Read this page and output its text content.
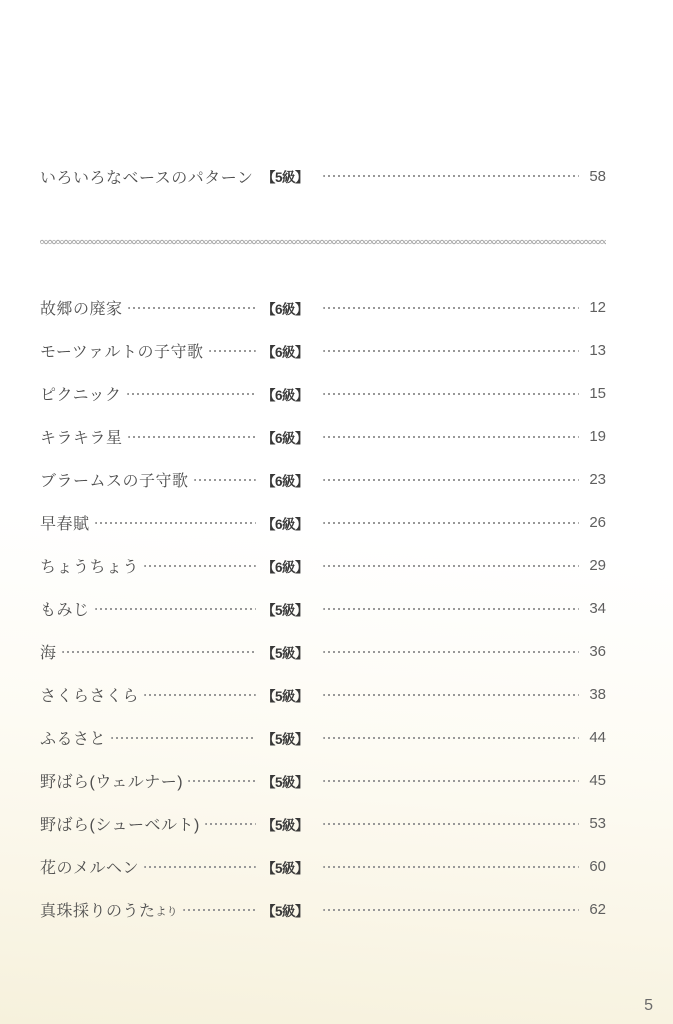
いろいろなベースのパターン 【5級】	58
故郷の廃家	【6級】	12
モーツァルトの子守歌	【6級】	13
ピクニック	【6級】	15
キラキラ星	【6級】	19
ブラームスの子守歌	【6級】	23
早春賦	【6級】	26
ちょうちょう	【6級】	29
もみじ	【5級】	34
海	【5級】	36
さくらさくら	【5級】	38
ふるさと	【5級】	44
野ばら(ウェルナー)	【5級】	45
野ばら(シューベルト)	【5級】	53
花のメルヘン	【5級】	60
真珠採りのうた より	【5級】	62
5
